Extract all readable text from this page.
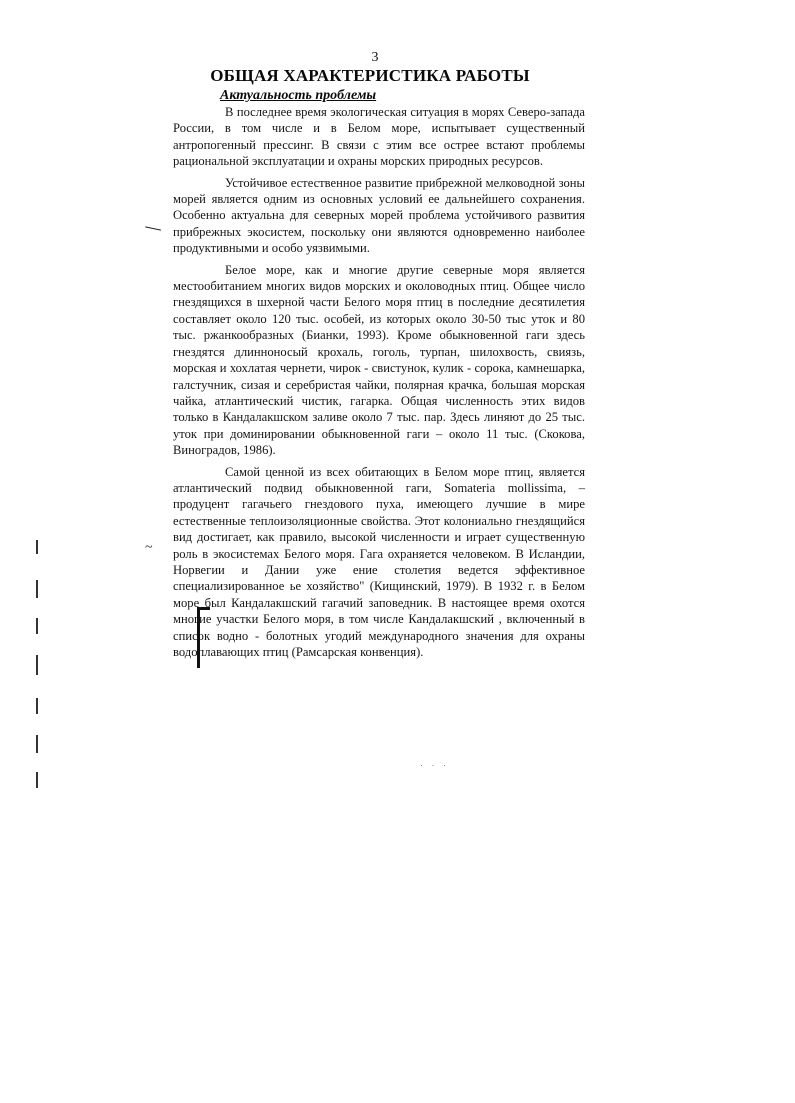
3
ОБЩАЯ ХАРАКТЕРИСТИКА РАБОТЫ
Актуальность проблемы

В последнее время экологическая ситуация в морях Северо-запада России, в том числе и в Белом море, испытывает существенный антропогенный прессинг. В связи с этим все острее встают проблемы рациональной эксплуатации и охраны морских природных ресурсов.

Устойчивое естественное развитие прибрежной мелководной зоны морей является одним из основных условий ее дальнейшего сохранения. Особенно актуальна для северных морей проблема устойчивого развития прибрежных экосистем, поскольку они являются одновременно наиболее продуктивными и особо уязвимыми.

Белое море, как и многие другие северные моря является местообитанием многих видов морских и околоводных птиц. Общее число гнездящихся в шхерной части Белого моря птиц в последние десятилетия составляет около 120 тыс. особей, из которых около 30-50 тыс уток и 80 тыс. ржанкообразных (Бианки, 1993). Кроме обыкновенной гаги здесь гнездятся длинноносый крохаль, гоголь, турпан, шилохвость, свиязь, морская и хохлатая чернети, чирок - свистунок, кулик - сорока, камнешарка, галстучник, сизая и серебристая чайки, полярная крачка, большая морская чайка, атлантический чистик, гагарка. Общая численность этих видов только в Кандалакшском заливе около 7 тыс. пар. Здесь линяют до 25 тыс. уток при доминировании обыкновенной гаги – около 11 тыс. (Скокова, Виноградов, 1986).

Самой ценной из всех обитающих в Белом море птиц, является атлантический подвид обыкновенной гаги, Somateria mollissima, – продуцент гагачьего гнездового пуха, имеющего лучшие в мире естественные теплоизоляционные свойства. Этот колониально гнездящийся вид достигает, как правило, высокой численности и играет существенную роль в экосистемах Белого моря. Гага охраняется человеком. В Исландии, Норвегии и Дании уже ение столетия ведется эффективное специализированное ье хозяйство" (Кищинский, 1979). В 1932 г. в Белом море был Кандалакшский гагачий заповедник. В настоящее время охотся многие участки Белого моря, в том числе Кандалакшский , включенный в список водно - болотных угодий международного значения для охраны водоплавающих птиц (Рамсарская конвенция).

~
· · ·
